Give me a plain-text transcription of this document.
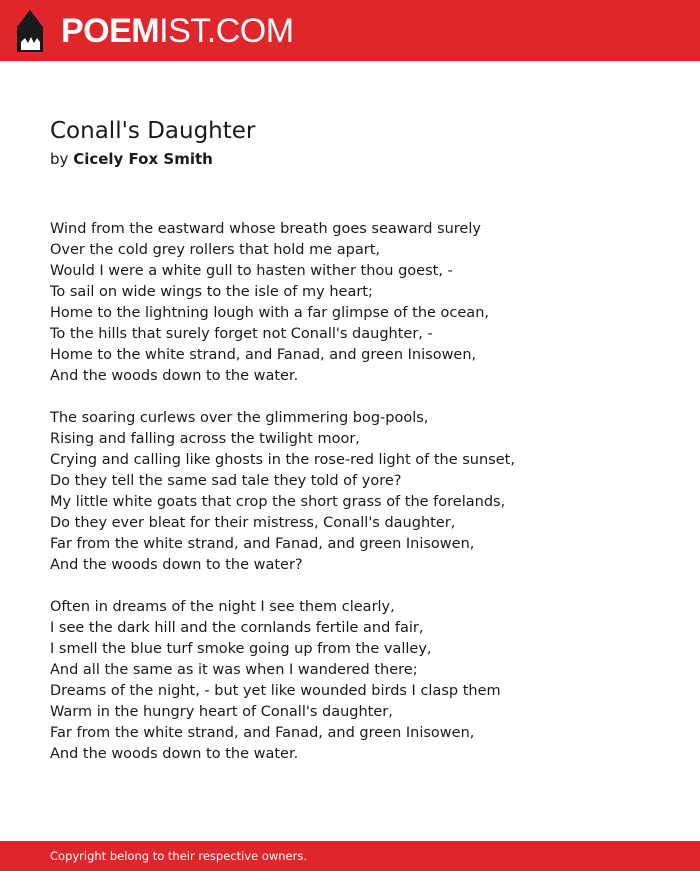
POEMIST.COM
Conall's Daughter
by Cicely Fox Smith
Wind from the eastward whose breath goes seaward surely
Over the cold grey rollers that hold me apart,
Would I were a white gull to hasten wither thou goest, -
To sail on wide wings to the isle of my heart;
Home to the lightning lough with a far glimpse of the ocean,
To the hills that surely forget not Conall's daughter, -
Home to the white strand, and Fanad, and green Inisowen,
And the woods down to the water.
The soaring curlews over the glimmering bog-pools,
Rising and falling across the twilight moor,
Crying and calling like ghosts in the rose-red light of the sunset,
Do they tell the same sad tale they told of yore?
My little white goats that crop the short grass of the forelands,
Do they ever bleat for their mistress, Conall's daughter,
Far from the white strand, and Fanad, and green Inisowen,
And the woods down to the water?
Often in dreams of the night I see them clearly,
I see the dark hill and the cornlands fertile and fair,
I smell the blue turf smoke going up from the valley,
And all the same as it was when I wandered there;
Dreams of the night, - but yet like wounded birds I clasp them
Warm in the hungry heart of Conall's daughter,
Far from the white strand, and Fanad, and green Inisowen,
And the woods down to the water.
Copyright belong to their respective owners.
